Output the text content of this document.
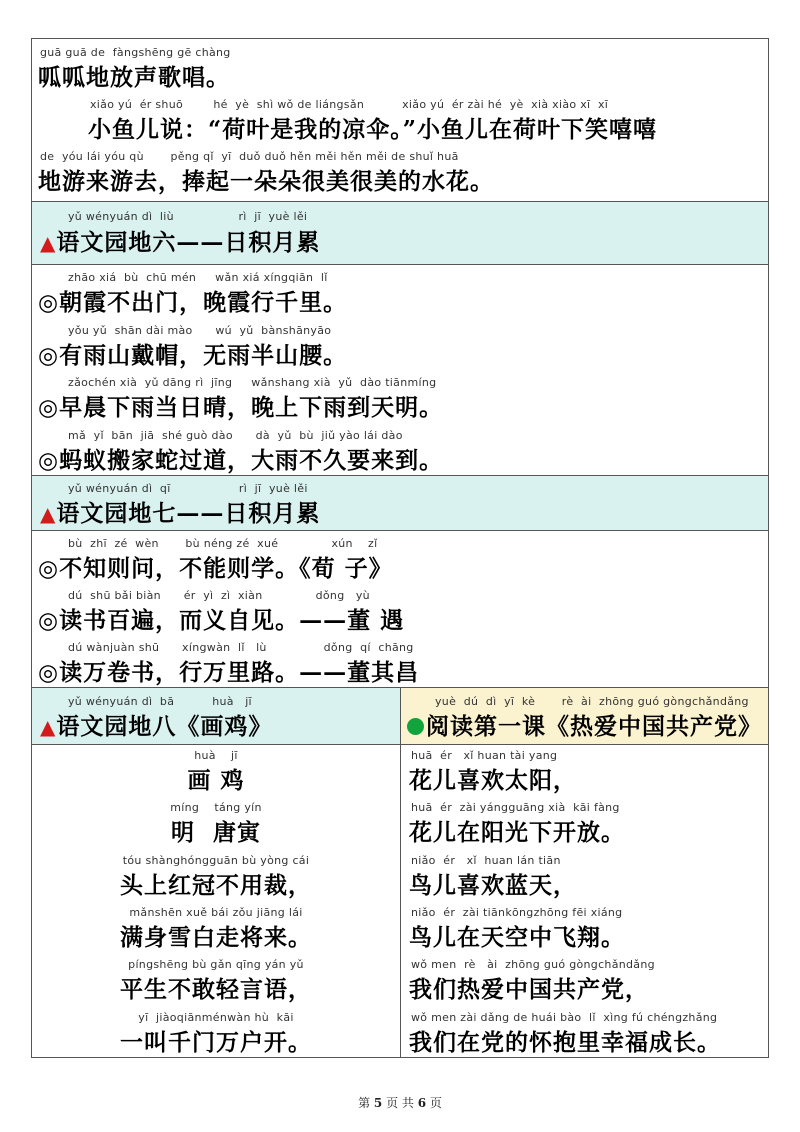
guā guā de  fàngshēng gē chàng
呱呱地放声歌唱。
xiǎo yú  ér shuō        hé  yè  shì wǒ de liángsǎn          xiǎo yú  ér zài hé  yè  xià xiào xī  xī
小鱼儿说：“荷叶是我的凉伞。”小鱼儿在荷叶下笑嘻嘻
de  yóu lái yóu qù       pěng qǐ  yī  duǒ duǒ hěn měi hěn měi de shuǐ huā
地游来游去，捧起一朵朵很美很美的水花。
yǔ wényuán dì  liù                 rì  jī  yuè lěi
▲语文园地六——日积月累
zhāo xiá  bù  chū mén     wǎn xiá xíngqiān  lǐ
◎朝霞不出门，晚霞行千里。
yǒu yǔ  shān dài mào      wú  yǔ  bànshānyāo
◎有雨山戴帽，无雨半山腰。
zǎochén xià  yǔ dāng rì  jīng     wǎnshang xià  yǔ  dào tiānmíng
◎早晨下雨当日晴，晚上下雨到天明。
mǎ  yǐ  bān  jiā  shé guò dào      dà  yǔ  bù  jiǔ yào lái dào
◎蚂蚁搬家蛇过道，大雨不久要来到。
yǔ wényuán dì  qī                  rì  jī  yuè lěi
▲语文园地七——日积月累
bù  zhī  zé  wèn       bù néng zé  xué              xún    zǐ
◎不知则问，不能则学。《荀 子》
dú  shū bǎi biàn      ér  yì  zì  xiàn              dǒng   yù
◎读书百遍，而义自见。——董 遇
dú wànjuàn shū      xíngwàn  lǐ   lù               dǒng  qí  chāng
◎读万卷书，行万里路。——董其昌
yǔ wényuán dì  bā          huà   jī
▲语文园地八《画鸡》
yuè  dú  dì  yī  kè       rè  ài  zhōng guó gòngchǎndǎng
阅读第一课《热爱中国共产党》
huà    jī
画 鸡
míng    táng yín
明  唐寅
tóu shànghóngguān bù yòng cái
头上红冠不用裁，
mǎnshēn xuě bái zǒu jiāng lái
满身雪白走将来。
píngshēng bù gǎn qīng yán yǔ
平生不敢轻言语，
yī  jiàoqiānménwàn hù  kāi
一叫千门万户开。
huā  ér   xǐ huan tài yang
花儿喜欢太阳，
huā  ér  zài yángguāng xià  kāi fàng
花儿在阳光下开放。
niǎo  ér   xǐ  huan lán tiān
鸟儿喜欢蓝天，
niǎo  ér  zài tiānkōngzhōng fēi xiáng
鸟儿在天空中飞翔。
wǒ men  rè   ài  zhōng guó gòngchǎndǎng
我们热爱中国共产党，
wǒ men zài dǎng de huái bào  lǐ  xìng fú chéngzhǎng
我们在党的怀抱里幸福成长。
第 5 页 共 6 页
